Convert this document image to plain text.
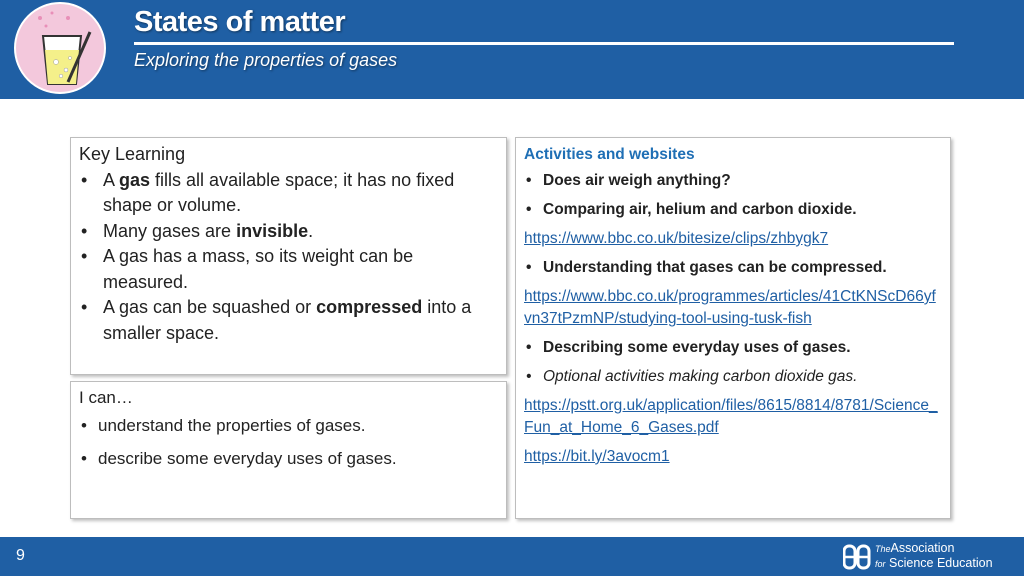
States of matter
Exploring the properties of gases
Key Learning
• A gas fills all available space; it has no fixed shape or volume.
• Many gases are invisible.
• A gas has a mass, so its weight can be measured.
• A gas can be squashed or compressed into a smaller space.
I can…
• understand the properties of gases.
• describe some everyday uses of gases.
Activities and websites
• Does air weigh anything?
• Comparing air, helium and carbon dioxide.
https://www.bbc.co.uk/bitesize/clips/zhbygk7
• Understanding that gases can be compressed.
https://www.bbc.co.uk/programmes/articles/41CtKNScD66yfvn37tPzmNP/studying-tool-using-tusk-fish
• Describing some everyday uses of gases.
• Optional activities making carbon dioxide gas.
https://pstt.org.uk/application/files/8615/8814/8781/Science_Fun_at_Home_6_Gases.pdf
https://bit.ly/3avocm1
9	TheAssociation
for Science Education
